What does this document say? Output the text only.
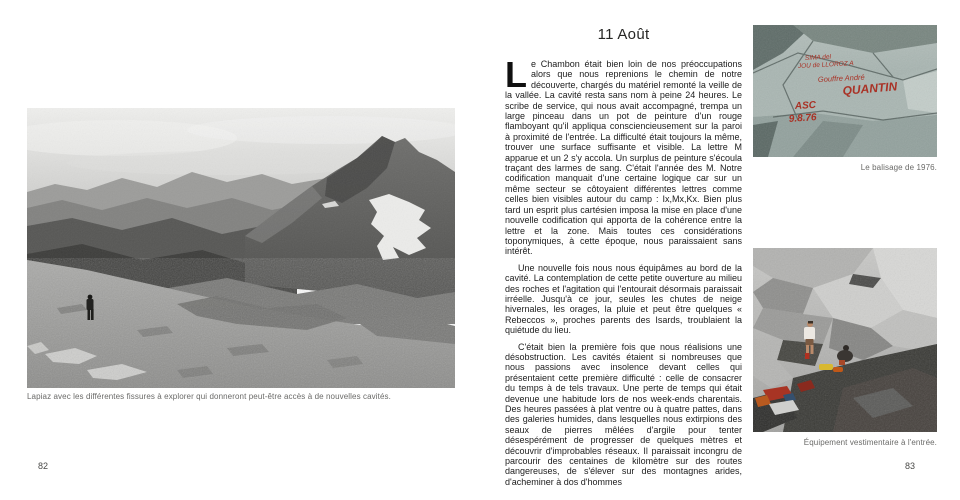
Lapiaz avec les différentes fissures à explorer qui donneront peut-être accès à de nouvelles cavités.
82
11 Août

Le Chambon était bien loin de nos préoccupations alors que nous reprenions le chemin de notre découverte, chargés du matériel remonté la veille de la vallée. La cavité resta sans nom à peine 24 heures. Le scribe de service, qui nous avait accompagné, trempa un large pinceau dans un pot de peinture d'un rouge flamboyant qu'il appliqua consciencieusement sur la paroi à proximité de l'entrée. La difficulté était toujours la même, trouver une surface suffisante et visible. La lettre M apparue et un 2 s'y accola. Un surplus de peinture s'écoula traçant des larmes de sang. C'était l'année des M. Notre codification manquait d'une certaine logique car sur un même secteur se côtoyaient différentes lettres comme celles bien visibles autour du camp : Ix,Mx,Kx. Bien plus tard un esprit plus cartésien imposa la mise en place d'une nouvelle codification qui apporta de la cohérence entre la lettre et la zone. Mais toutes ces considérations toponymiques, à cette époque, nous paraissaient sans intérêt.

Une nouvelle fois nous nous équipâmes au bord de la cavité. La contemplation de cette petite ouverture au milieu des roches et l'agitation qui l'entourait désormais paraissait irréelle. Jusqu'à ce jour, seules les chutes de neige hivernales, les orages, la pluie et peut être quelques « Rebeccos », proches parents des Isards, troublaient la quiétude du lieu.

C'était bien la première fois que nous réalisions une désobstruction. Les cavités étaient si nombreuses que nous passions avec insolence devant celles qui présentaient cette première difficulté : celle de consacrer du temps à de tels travaux. Une perte de temps qui était devenue une habitude lors de nos week-ends charentais. Des heures passées à plat ventre ou à quatre pattes, dans des galeries humides, dans lesquelles nous extirpions des seaux de pierres mêlées d'argile pour tenter désespérément de progresser de quelques mètres et découvrir d'improbables réseaux. Il paraissait incongru de parcourir des centaines de kilomètre sur des routes dangereuses, de s'élever sur des montagnes arides, d'acheminer à dos d'hommes

SIMA del
JOU de LLOROZ A
Gouffre André
QUANTIN
ASC
9.8.76
Le balisage de 1976.
Équipement vestimentaire à l'entrée.
83
